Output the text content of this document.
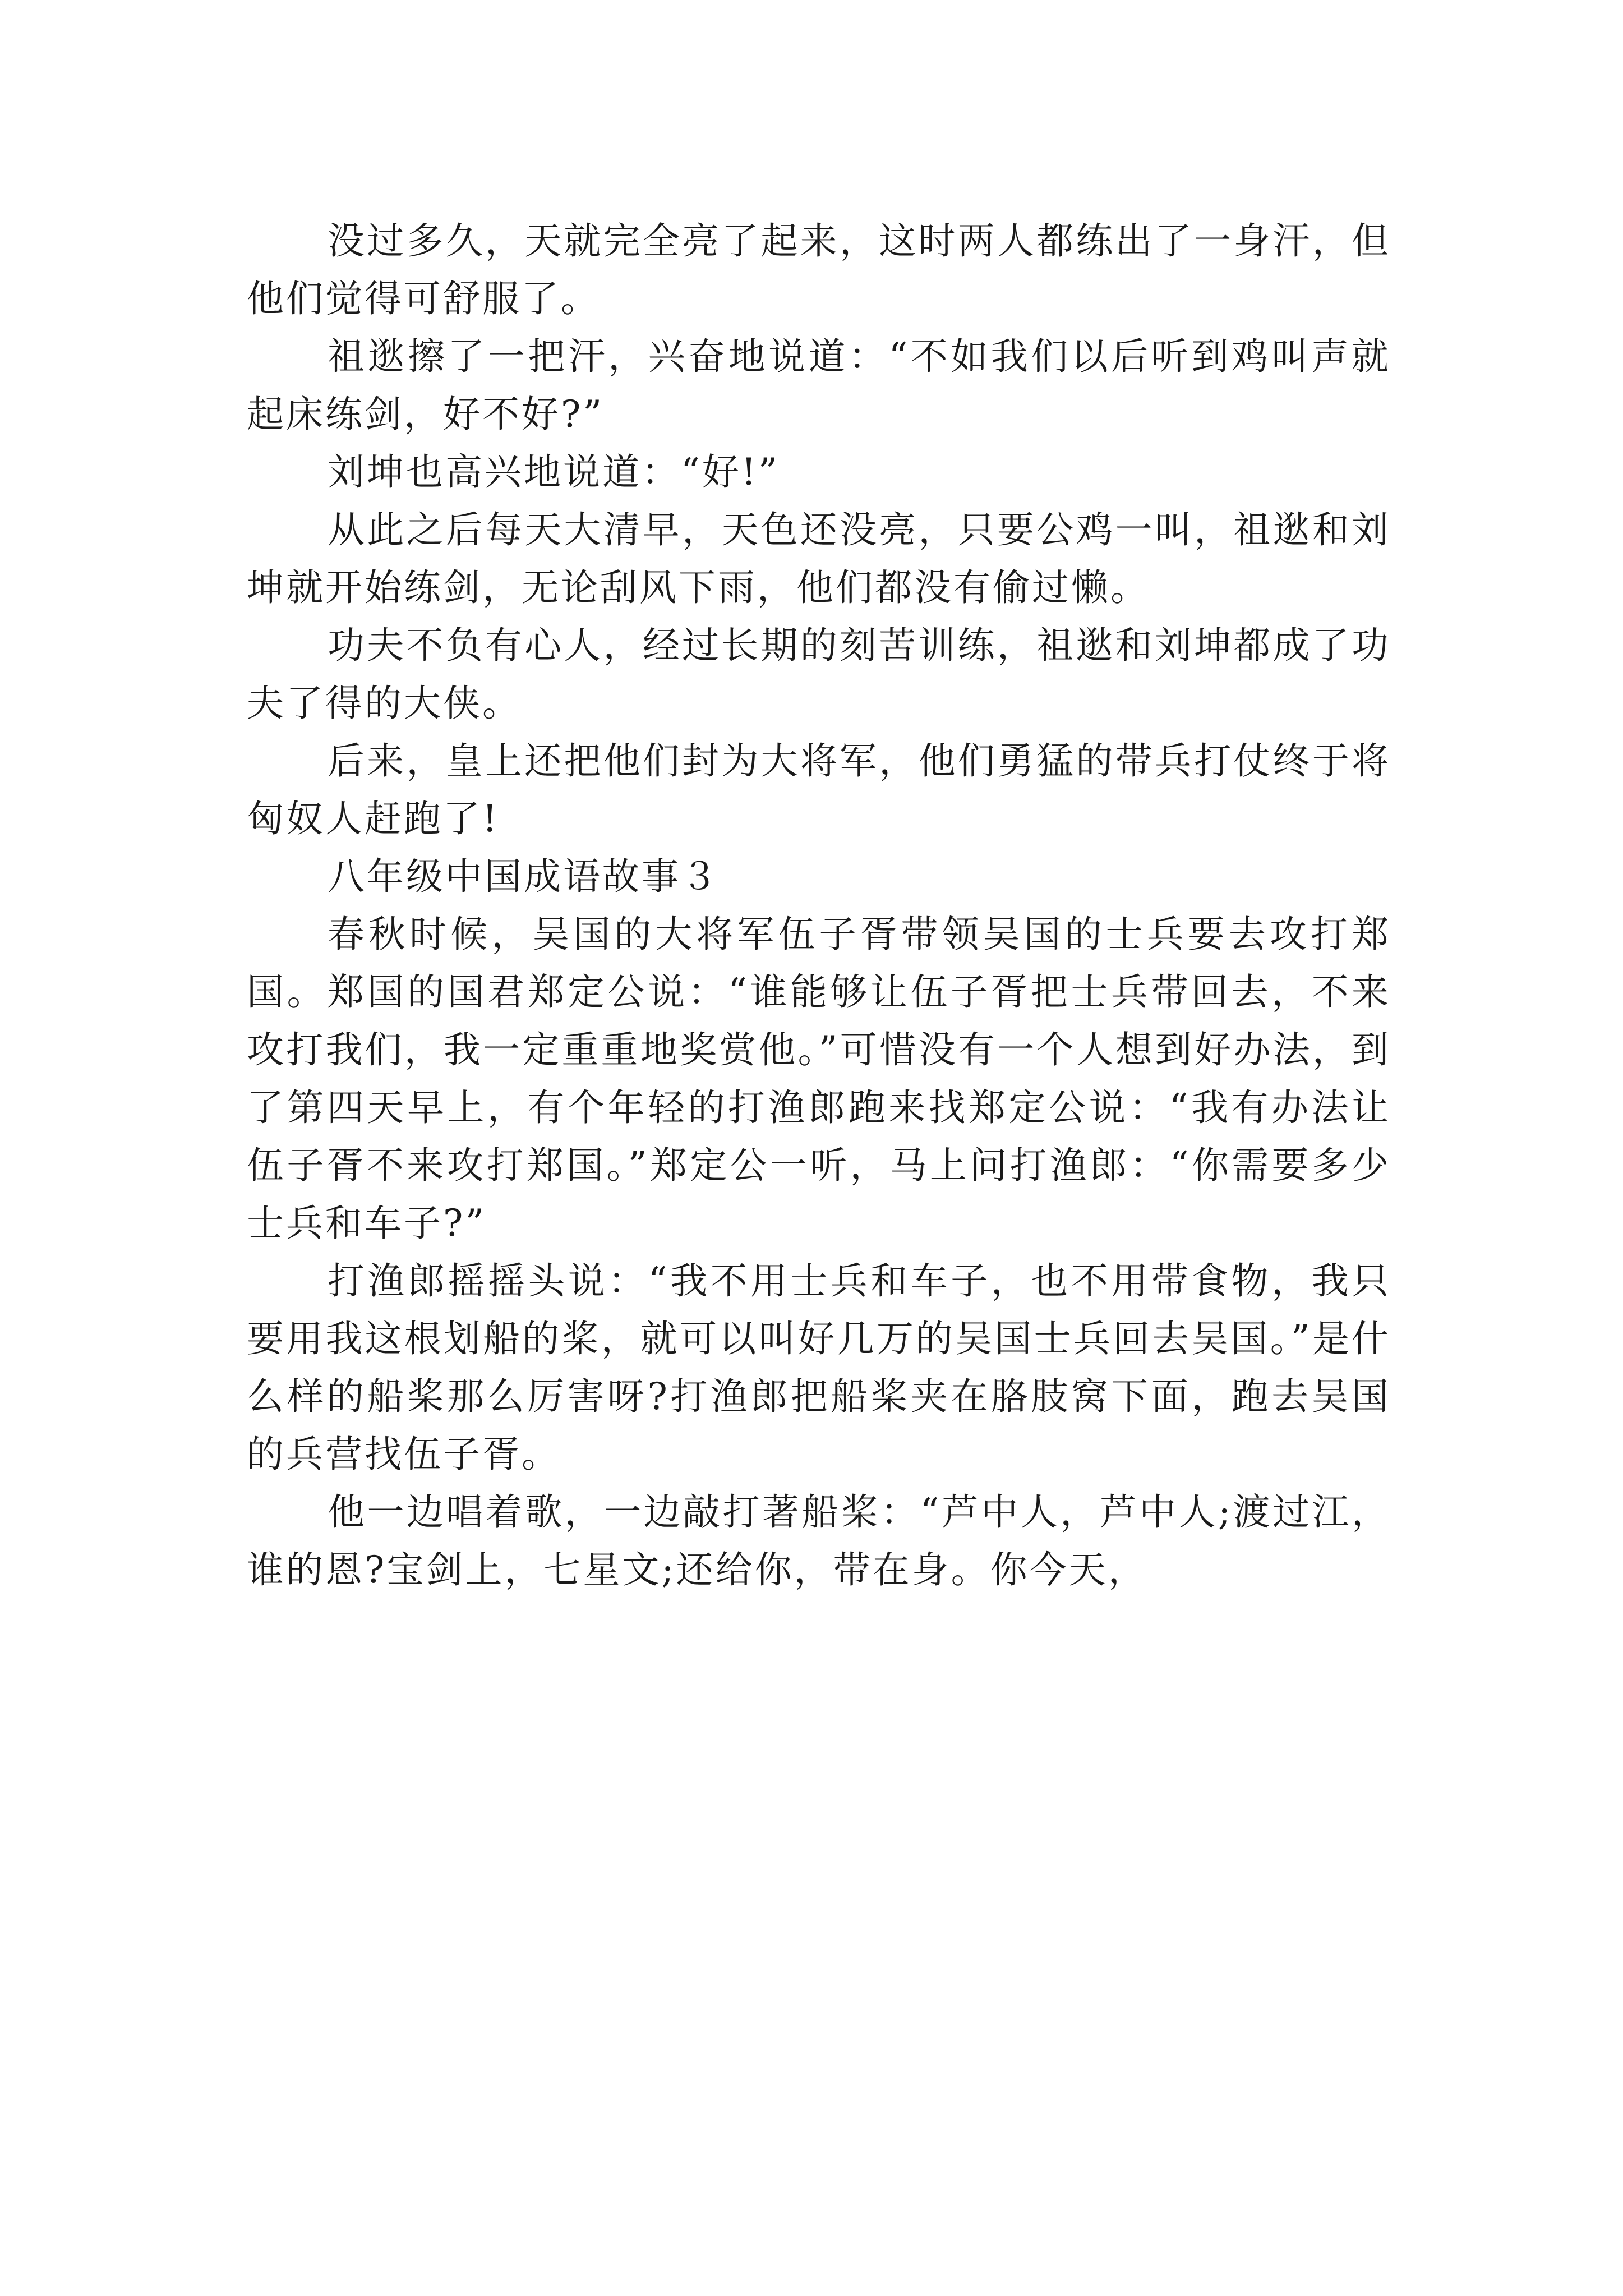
没过多久，天就完全亮了起来，这时两人都练出了一身汗，但他们觉得可舒服了。

祖逖擦了一把汗，兴奋地说道：“不如我们以后听到鸡叫声就起床练剑，好不好?”

刘坤也高兴地说道：“好!”

从此之后每天大清早，天色还没亮，只要公鸡一叫，祖逖和刘坤就开始练剑，无论刮风下雨，他们都没有偷过懒。

功夫不负有心人，经过长期的刻苦训练，祖逖和刘坤都成了功夫了得的大侠。

后来，皇上还把他们封为大将军，他们勇猛的带兵打仗终于将匈奴人赶跑了!

八年级中国成语故事３

春秋时候，吴国的大将军伍子胥带领吴国的士兵要去攻打郑国。郑国的国君郑定公说：“谁能够让伍子胥把士兵带回去，不来攻打我们，我一定重重地奖赏他。”可惜没有一个人想到好办法，到了第四天早上，有个年轻的打渔郎跑来找郑定公说：“我有办法让伍子胥不来攻打郑国。”郑定公一听，马上问打渔郎：“你需要多少士兵和车子?”

打渔郎摇摇头说：“我不用士兵和车子，也不用带食物，我只要用我这根划船的桨，就可以叫好几万的吴国士兵回去吴国。”是什么样的船桨那么厉害呀?打渔郎把船桨夹在胳肢窝下面，跑去吴国的兵营找伍子胥。

他一边唱着歌，一边敲打著船桨：“芦中人，芦中人;渡过江，谁的恩?宝剑上，七星文;还给你，带在身。你今天，
